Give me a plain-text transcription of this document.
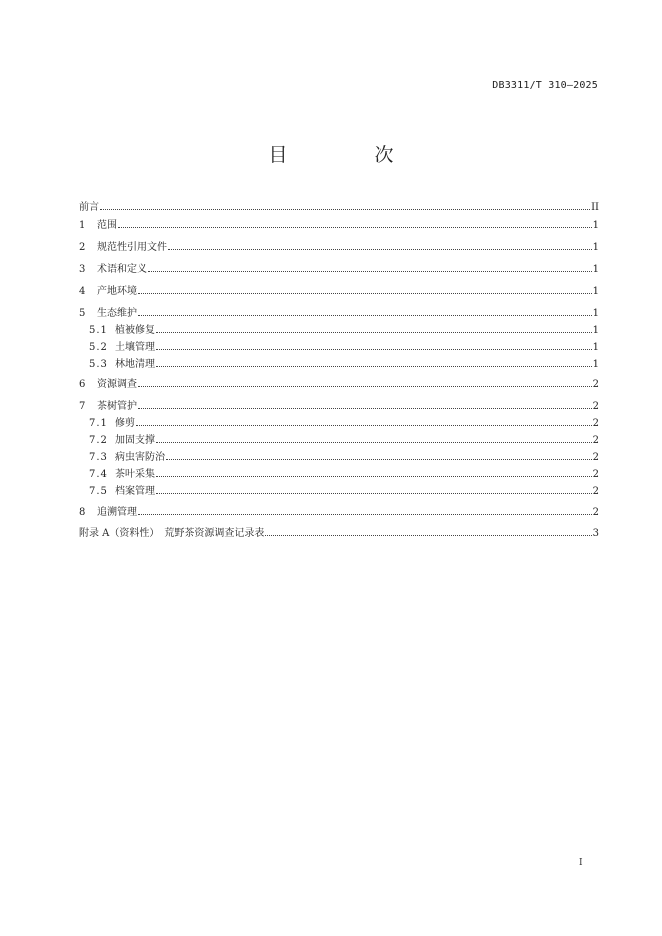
DB3311/T 310—2025
目　次
前言	II
1	范围	1
2	规范性引用文件	1
3	术语和定义	1
4	产地环境	1
5	生态维护	1
5.1 植被修复	1
5.2 土壤管理	1
5.3 林地清理	1
6	资源调查	2
7	茶树管护	2
7.1 修剪	2
7.2 加固支撑	2
7.3 病虫害防治	2
7.4 茶叶采集	2
7.5 档案管理	2
8	追溯管理	2
附录 A（资料性）　荒野茶资源调查记录表	3
I
